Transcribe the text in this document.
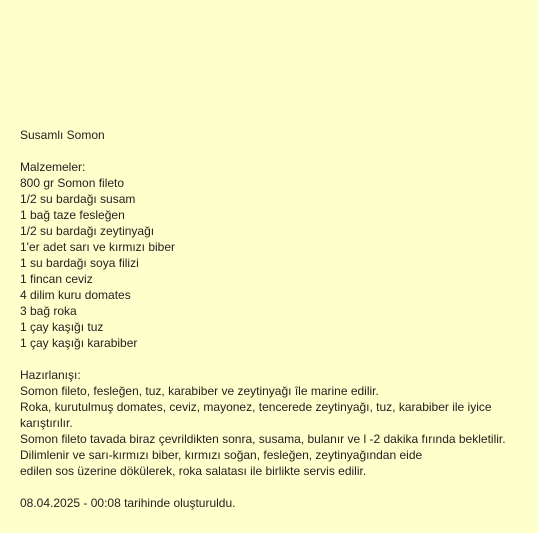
Susamlı Somon
Malzemeler:
800 gr Somon fileto
1/2 su bardağı susam
1 bağ taze fesleğen
1/2 su bardağı zeytinyağı
1'er adet sarı ve kırmızı biber
1 su bardağı soya filizi
1 fincan ceviz
4 dilim kuru domates
3 bağ roka
1 çay kaşığı tuz
1 çay kaşığı karabiber
Hazırlanışı:
Somon fileto, fesleğen, tuz, karabiber ve zeytinyağı île marine edilir.
Roka, kurutulmuş domates, ceviz, mayonez, tencerede zeytinyağı, tuz, karabiber ile iyice karıştırılır.
Somon fileto tavada biraz çevrildikten sonra, susama, bulanır ve l -2 dakika fırında bekletilir.
Dilimlenir ve sarı-kırmızı biber, kırmızı soğan, fesleğen, zeytinyağından eide
edilen sos üzerine dökülerek, roka salatası ile birlikte servis edilir.
08.04.2025 - 00:08 tarihinde oluşturuldu.
